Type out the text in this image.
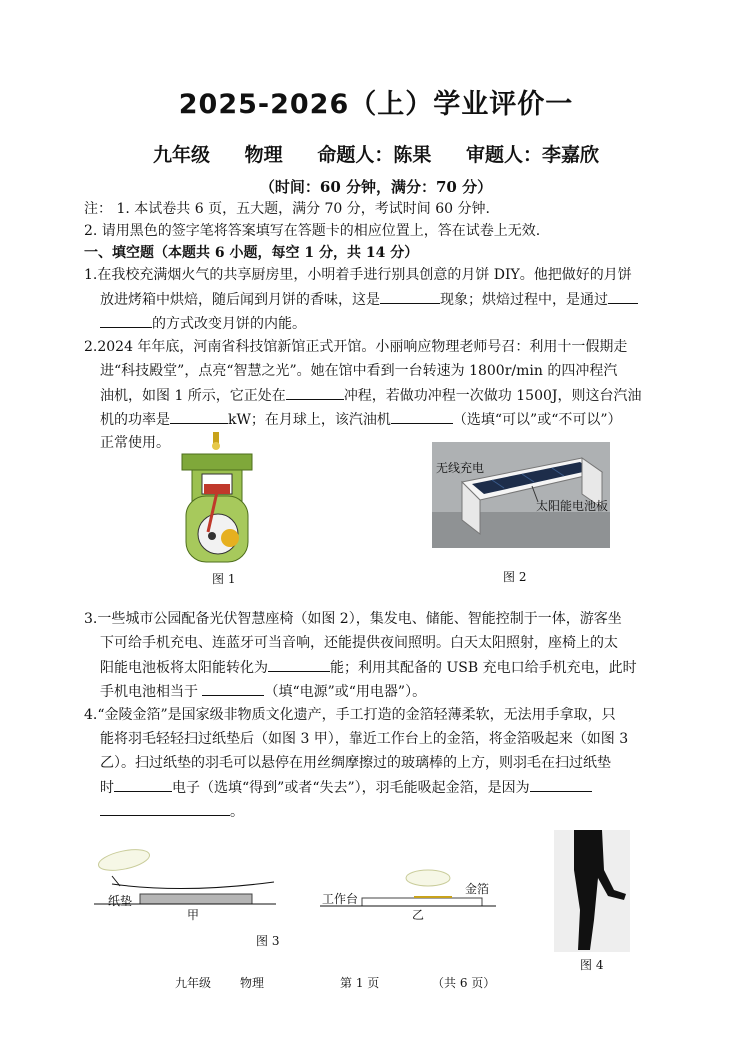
2025-2026（上）学业评价一
九年级 物理 命题人：陈果 审题人：李嘉欣
（时间：60 分钟，满分：70 分）
注： 1. 本试卷共 6 页，五大题，满分 70 分，考试时间 60 分钟.
2. 请用黑色的签字笔将答案填写在答题卡的相应位置上，答在试卷上无效.
一、填空题（本题共 6 小题，每空 1 分，共 14 分）
1.在我校充满烟火气的共享厨房里，小明着手进行别具创意的月饼 DIY。他把做好的月饼
放进烤箱中烘焙，随后闻到月饼的香味，这是	现象；烘焙过程中，是通过
的方式改变月饼的内能。
2.2024 年年底，河南省科技馆新馆正式开馆。小丽响应物理老师号召：利用十一假期走
进“科技殿堂”，点亮“智慧之光”。她在馆中看到一台转速为 1800r/min 的四冲程汽
油机，如图 1 所示，它正处在	冲程，若做功冲程一次做功 1500J，则这台汽油
机的功率是	kW；在月球上，该汽油机	（选填“可以”或“不可以”）
正常使用。
图 1
无线充电
太阳能电池板
图 2
3.一些城市公园配备光伏智慧座椅（如图 2），集发电、储能、智能控制于一体，游客坐
下可给手机充电、连蓝牙可当音响，还能提供夜间照明。白天太阳照射，座椅上的太
阳能电池板将太阳能转化为	能；利用其配备的 USB 充电口给手机充电，此时
手机电池相当于	（填“电源”或“用电器”）。
4.“金陵金箔”是国家级非物质文化遗产，手工打造的金箔轻薄柔软，无法用手拿取，只
能将羽毛轻轻扫过纸垫后（如图 3 甲），靠近工作台上的金箔，将金箔吸起来（如图 3
乙）。扫过纸垫的羽毛可以悬停在用丝绸摩擦过的玻璃棒的上方，则羽毛在扫过纸垫
时	电子（选填“得到”或者“失去”），羽毛能吸起金箔，是因为
。
纸垫
甲
图 3
工作台
金箔
乙
图 4
九年级 物理	第 1 页	（共 6 页）
